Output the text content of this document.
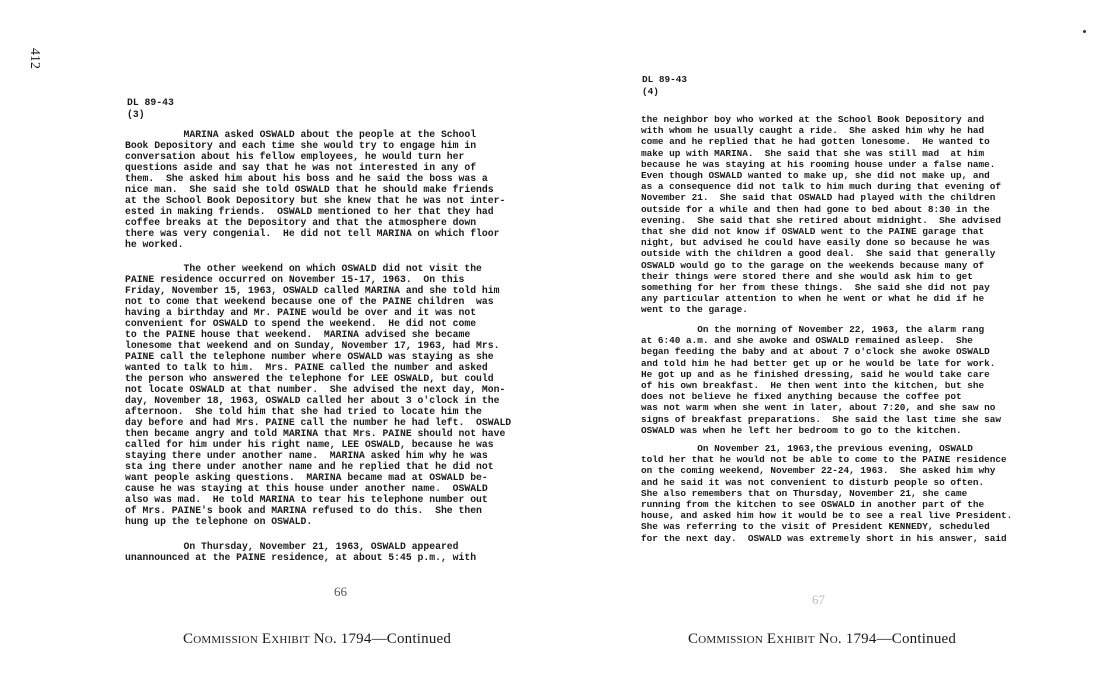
412
DL 89-43
(3)
MARINA asked OSWALD about the people at the School
Book Depository and each time she would try to engage him in
conversation about his fellow employees, he would turn her
questions aside and say that he was not interested in any of
them.  She asked him about his boss and he said the boss was a
nice man.  She said she told OSWALD that he should make friends
at the School Book Depository but she knew that he was not inter-
ested in making friends.  OSWALD mentioned to her that they had
coffee breaks at the Depository and that the atmosphere down
there was very congenial.  He did not tell MARINA on which floor
he worked.
The other weekend on which OSWALD did not visit the
PAINE residence occurred on November 15-17, 1963.  On this
Friday, November 15, 1963, OSWALD called MARINA and she told him
not to come that weekend because one of the PAINE children  was
having a birthday and Mr. PAINE would be over and it was not
convenient for OSWALD to spend the weekend.  He did not come
to the PAINE house that weekend.  MARINA advised she became
lonesome that weekend and on Sunday, November 17, 1963, had Mrs.
PAINE call the telephone number where OSWALD was staying as she
wanted to talk to him.  Mrs. PAINE called the number and asked
the person who answered the telephone for LEE OSWALD, but could
not locate OSWALD at that number.  She advised the next day, Mon-
day, November 18, 1963, OSWALD called her about 3 o'clock in the
afternoon.  She told him that she had tried to locate him the
day before and had Mrs. PAINE call the number he had left.  OSWALD
then became angry and told MARINA that Mrs. PAINE should not have
called for him under his right name, LEE OSWALD, because he was
staying there under another name.  MARINA asked him why he was
sta ing there under another name and he replied that he did not
want people asking questions.  MARINA became mad at OSWALD be-
cause he was staying at this house under another name.  OSWALD
also was mad.  He told MARINA to tear his telephone number out
of Mrs. PAINE's book and MARINA refused to do this.  She then
hung up the telephone on OSWALD.
On Thursday, November 21, 1963, OSWALD appeared
unannounced at the PAINE residence, at about 5:45 p.m., with
66
Commission Exhibit No. 1794—Continued
DL 89-43
(4)
the neighbor boy who worked at the School Book Depository and
with whom he usually caught a ride.  She asked him why he had
come and he replied that he had gotten lonesome.  He wanted to
make up with MARINA.  She said that she was still mad  at him
because he was staying at his rooming house under a false name.
Even though OSWALD wanted to make up, she did not make up, and
as a consequence did not talk to him much during that evening of
November 21.  She said that OSWALD had played with the children
outside for a while and then had gone to bed about 8:30 in the
evening.  She said that she retired about midnight.  She advised
that she did not know if OSWALD went to the PAINE garage that
night, but advised he could have easily done so because he was
outside with the children a good deal.  She said that generally
OSWALD would go to the garage on the weekends because many of
their things were stored there and she would ask him to get
something for her from these things.  She said she did not pay
any particular attention to when he went or what he did if he
went to the garage.
On the morning of November 22, 1963, the alarm rang
at 6:40 a.m. and she awoke and OSWALD remained asleep.  She
began feeding the baby and at about 7 o'clock she awoke OSWALD
and told him he had better get up or he would be late for work.
He got up and as he finished dressing, said he would take care
of his own breakfast.  He then went into the kitchen, but she
does not believe he fixed anything because the coffee pot
was not warm when she went in later, about 7:20, and she saw no
signs of breakfast preparations.  She said the last time she saw
OSWALD was when he left her bedroom to go to the kitchen.
On November 21, 1963,the previous evening, OSWALD
told her that he would not be able to come to the PAINE residence
on the coming weekend, November 22-24, 1963.  She asked him why
and he said it was not convenient to disturb people so often.
She also remembers that on Thursday, November 21, she came
running from the kitchen to see OSWALD in another part of the
house, and asked him how it would be to see a real live President.
She was referring to the visit of President KENNEDY, scheduled
for the next day.  OSWALD was extremely short in his answer, said
67
Commission Exhibit No. 1794—Continued
